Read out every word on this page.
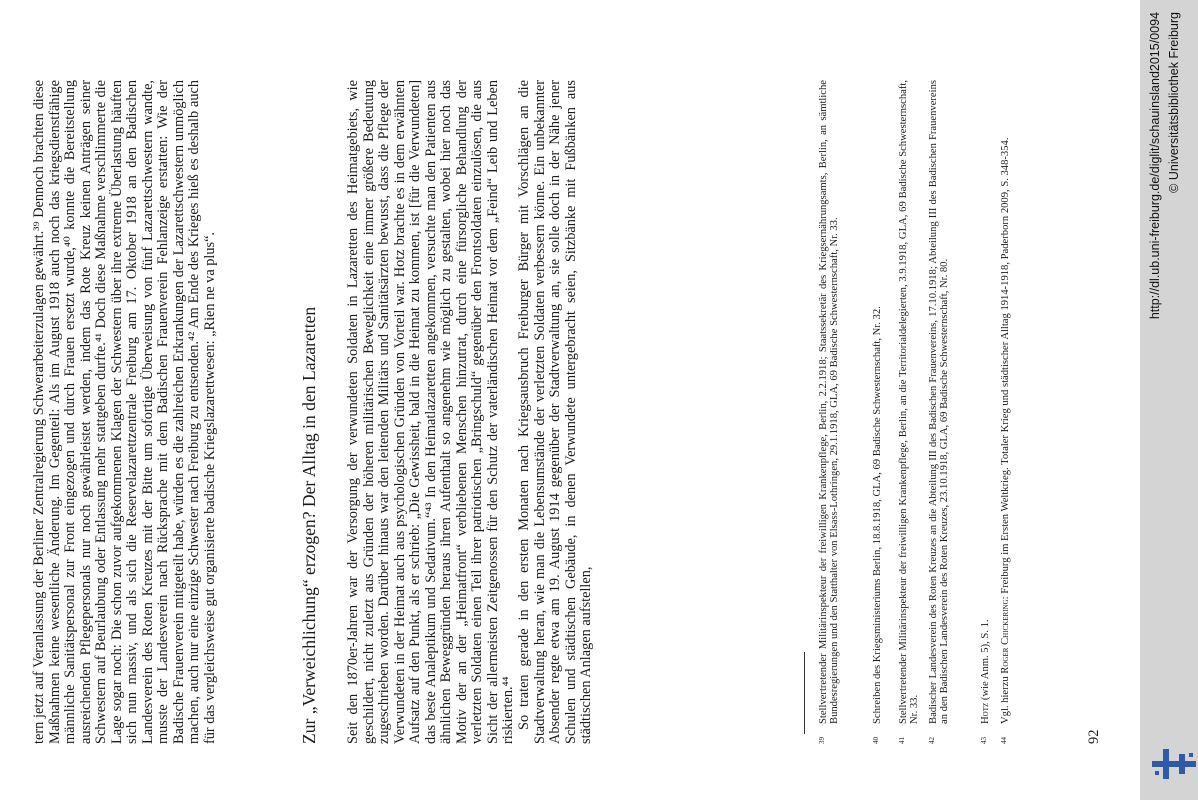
tern jetzt auf Veranlassung der Berliner Zentralregierung Schwerarbeiterzulagen gewährt.³⁹ Dennoch brachten diese Maßnahmen keine wesentliche Änderung. Im Gegenteil: Als im August 1918 auch noch das kriegsdienstfähige männliche Sanitätspersonal zur Front eingezogen und durch Frauen ersetzt wurde,⁴⁰ konnte die Bereitstellung ausreichenden Pflegepersonals nur noch gewährleistet werden, indem das Rote Kreuz keinen Anträgen seiner Schwestern auf Beurlaubung oder Entlassung mehr stattgeben durfte.⁴¹ Doch diese Maßnahme verschlimmerte die Lage sogar noch: Die schon zuvor aufgekommenen Klagen der Schwestern über ihre extreme Überlastung häuften sich nun massiv, und als sich die Reservelazarettzentrale Freiburg am 17. Oktober 1918 an den Badischen Landesverein des Roten Kreuzes mit der Bitte um sofortige Überweisung von fünf Lazarettschwestern wandte, musste der Landesverein nach Rücksprache mit dem Badischen Frauenverein Fehlanzeige erstatten: Wie der Badische Frauenverein mitgeteilt habe, würden es die zahlreichen Erkrankungen der Lazarettschwestern unmöglich machen, auch nur eine einzige Schwester nach Freiburg zu entsenden.⁴² Am Ende des Krieges hieß es deshalb auch für das vergleichsweise gut organisierte badische Kriegslazarettwesen: „Rien ne va plus“.	Zur „Verweichlichung“ erzogen? Der Alltag in den Lazaretten Seit den 1870er-Jahren war der Versorgung der verwundeten Soldaten in Lazaretten des Heimatgebiets, wie geschildert, nicht zuletzt aus Gründen der höheren militärischen Beweglichkeit eine immer größere Bedeutung zugeschrieben worden. Darüber hinaus war den leitenden Militärs und Sanitätsärzten bewusst, dass die Pflege der Verwundeten in der Heimat auch aus psychologischen Gründen von Vorteil war. Hotz brachte es in dem erwähnten Aufsatz auf den Punkt, als er schrieb: „Die Gewissheit, bald in die Heimat zu kommen, ist [für die Verwundeten] das beste Analeptikum und Sedativum.“⁴³ In den Heimatlazaretten angekommen, versuchte man den Patienten aus ähnlichen Beweggründen heraus ihren Aufenthalt so angenehm wie möglich zu gestalten, wobei hier noch das Motiv der an der „Heimatfront“ verbliebenen Menschen hinzutrat, durch eine fürsorgliche Behandlung der verletzten Soldaten einen Teil ihrer patriotischen „Bringschuld“ gegenüber den Frontsoldaten einzulösen, die aus Sicht der allermeisten Zeitgenossen für den Schutz der vaterländischen Heimat vor dem „Feind“ Leib und Leben riskierten.⁴⁴ So traten gerade in den ersten Monaten nach Kriegsausbruch Freiburger Bürger mit Vorschlägen an die Stadtverwaltung heran, wie man die Lebensumstände der verletzten Soldaten verbessern könne. Ein unbekannter Absender regte etwa am 19. August 1914 gegenüber der Stadtverwaltung an, sie solle doch in der Nähe jener Schulen und städtischen Gebäude, in denen Verwundete untergebracht seien, Sitzbänke mit Fußbänken aus städtischen Anlagen aufstellen,	39
Stellvertretender Militärinspekteur der freiwilligen Krankenpflege, Berlin, 2.2.1918; Staatssekretär des Kriegsernährungsamts, Berlin, an sämtliche Bundesregierungen und den Statthalter von Elsass-Lothringen, 29.1.1918, GLA, 69 Badische Schwesternschaft, Nr. 33.
40
Schreiben des Kriegsministeriums Berlin, 18.8.1918, GLA, 69 Badische Schwesternschaft, Nr. 32.
41
Stellvertretender Militärinspekteur der freiwilligen Krankenpflege, Berlin, an die Territorialdelegierten, 3.9.1918, GLA, 69 Badische Schwesternschaft, Nr. 33.
42
Badischer Landesverein des Roten Kreuzes an die Abteilung III des Badischen Frauenvereins, 17.10.1918; Abteilung III des Badischen Frauenvereins an den Badischen Landesverein des Roten Kreuzes, 23.10.1918, GLA, 69 Badische Schwesternschaft, Nr. 80.
43
Hotz (wie Anm. 5), S. 1.
44
Vgl. hierzu Roger Chickering: Freiburg im Ersten Weltkrieg. Totaler Krieg und städtischer Alltag 1914-1918, Paderborn 2009, S. 348-354.
92
http://dl.ub.uni-freiburg.de/diglit/schauinsland2015/0094 © Universitätsbibliothek Freiburg
